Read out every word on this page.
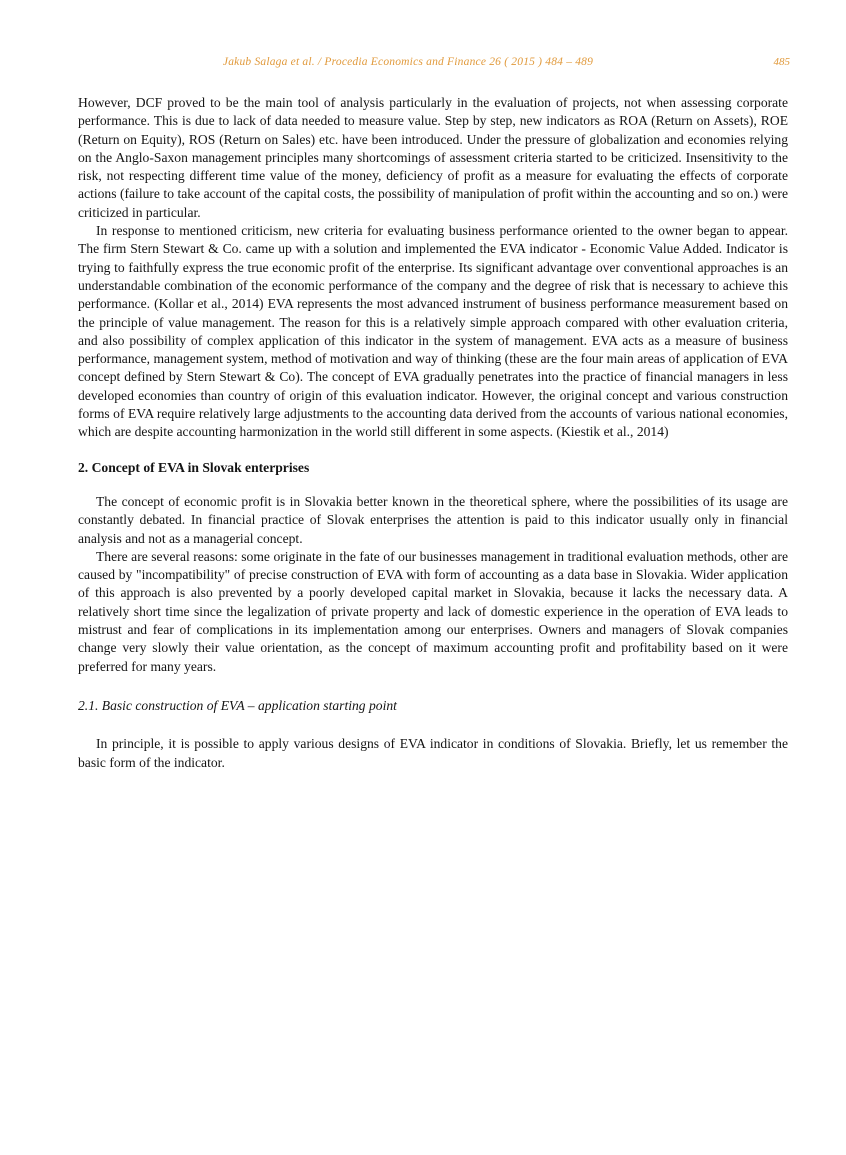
Jakub Salaga et al. / Procedia Economics and Finance 26 ( 2015 ) 484 – 489	485

However, DCF proved to be the main tool of analysis particularly in the evaluation of projects, not when assessing corporate performance. This is due to lack of data needed to measure value. Step by step, new indicators as ROA (Return on Assets), ROE (Return on Equity), ROS (Return on Sales) etc. have been introduced. Under the pressure of globalization and economies relying on the Anglo-Saxon management principles many shortcomings of assessment criteria started to be criticized. Insensitivity to the risk, not respecting different time value of the money, deficiency of profit as a measure for evaluating the effects of corporate actions (failure to take account of the capital costs, the possibility of manipulation of profit within the accounting and so on.) were criticized in particular.

In response to mentioned criticism, new criteria for evaluating business performance oriented to the owner began to appear. The firm Stern Stewart & Co. came up with a solution and implemented the EVA indicator - Economic Value Added. Indicator is trying to faithfully express the true economic profit of the enterprise. Its significant advantage over conventional approaches is an understandable combination of the economic performance of the company and the degree of risk that is necessary to achieve this performance. (Kollar et al., 2014) EVA represents the most advanced instrument of business performance measurement based on the principle of value management. The reason for this is a relatively simple approach compared with other evaluation criteria, and also possibility of complex application of this indicator in the system of management. EVA acts as a measure of business performance, management system, method of motivation and way of thinking (these are the four main areas of application of EVA concept defined by Stern Stewart & Co). The concept of EVA gradually penetrates into the practice of financial managers in less developed economies than country of origin of this evaluation indicator. However, the original concept and various construction forms of EVA require relatively large adjustments to the accounting data derived from the accounts of various national economies, which are despite accounting harmonization in the world still different in some aspects. (Kiestik et al., 2014)

2. Concept of EVA in Slovak enterprises

The concept of economic profit is in Slovakia better known in the theoretical sphere, where the possibilities of its usage are constantly debated. In financial practice of Slovak enterprises the attention is paid to this indicator usually only in financial analysis and not as a managerial concept.

There are several reasons: some originate in the fate of our businesses management in traditional evaluation methods, other are caused by "incompatibility" of precise construction of EVA with form of accounting as a data base in Slovakia. Wider application of this approach is also prevented by a poorly developed capital market in Slovakia, because it lacks the necessary data. A relatively short time since the legalization of private property and lack of domestic experience in the operation of EVA leads to mistrust and fear of complications in its implementation among our enterprises. Owners and managers of Slovak companies change very slowly their value orientation, as the concept of maximum accounting profit and profitability based on it were preferred for many years.

2.1. Basic construction of EVA – application starting point

In principle, it is possible to apply various designs of EVA indicator in conditions of Slovakia. Briefly, let us remember the basic form of the indicator.
